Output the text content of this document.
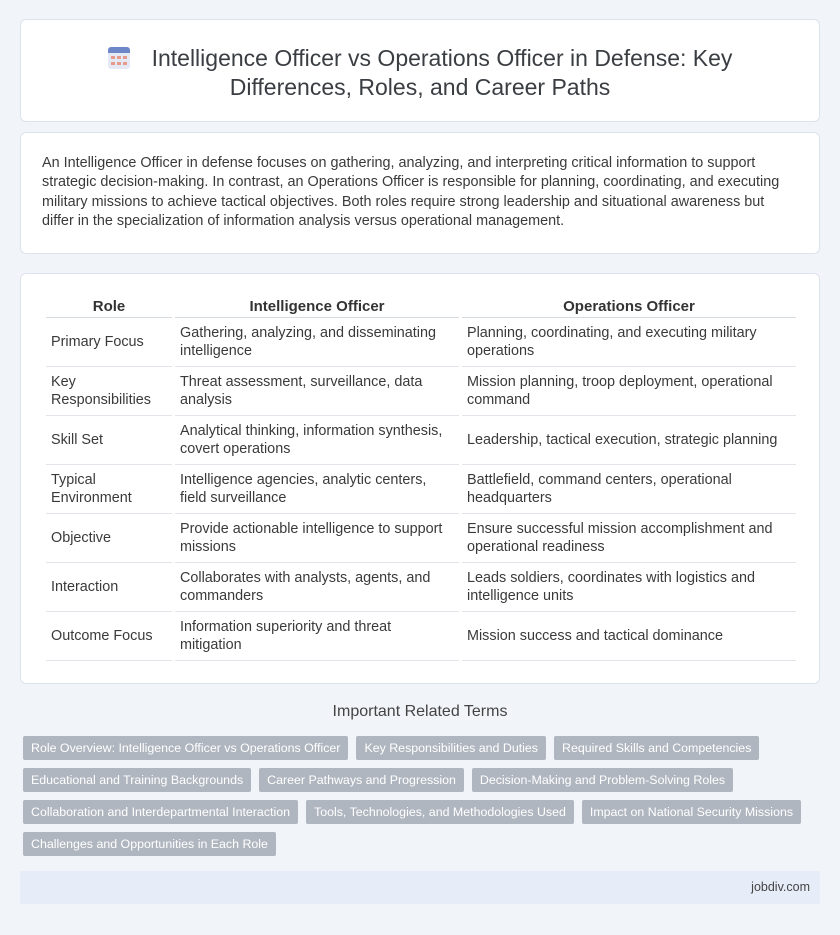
Intelligence Officer vs Operations Officer in Defense: Key
Differences, Roles, and Career Paths

An Intelligence Officer in defense focuses on gathering, analyzing, and interpreting critical information to support strategic decision-making. In contrast, an Operations Officer is responsible for planning, coordinating, and executing military missions to achieve tactical objectives. Both roles require strong leadership and situational awareness but differ in the specialization of information analysis versus operational management.

Role	Intelligence Officer	Operations Officer
Primary Focus	Gathering, analyzing, and disseminating intelligence	Planning, coordinating, and executing military operations
Key Responsibilities	Threat assessment, surveillance, data analysis	Mission planning, troop deployment, operational command
Skill Set	Analytical thinking, information synthesis, covert operations	Leadership, tactical execution, strategic planning
Typical Environment	Intelligence agencies, analytic centers, field surveillance	Battlefield, command centers, operational headquarters
Objective	Provide actionable intelligence to support missions	Ensure successful mission accomplishment and operational readiness
Interaction	Collaborates with analysts, agents, and commanders	Leads soldiers, coordinates with logistics and intelligence units
Outcome Focus	Information superiority and threat mitigation	Mission success and tactical dominance
Important Related Terms
Role Overview: Intelligence Officer vs Operations Officer	Key Responsibilities and Duties	Required Skills and Competencies
Educational and Training Backgrounds	Career Pathways and Progression	Decision-Making and Problem-Solving Roles
Collaboration and Interdepartmental Interaction	Tools, Technologies, and Methodologies Used	Impact on National Security Missions
Challenges and Opportunities in Each Role
jobdiv.com
